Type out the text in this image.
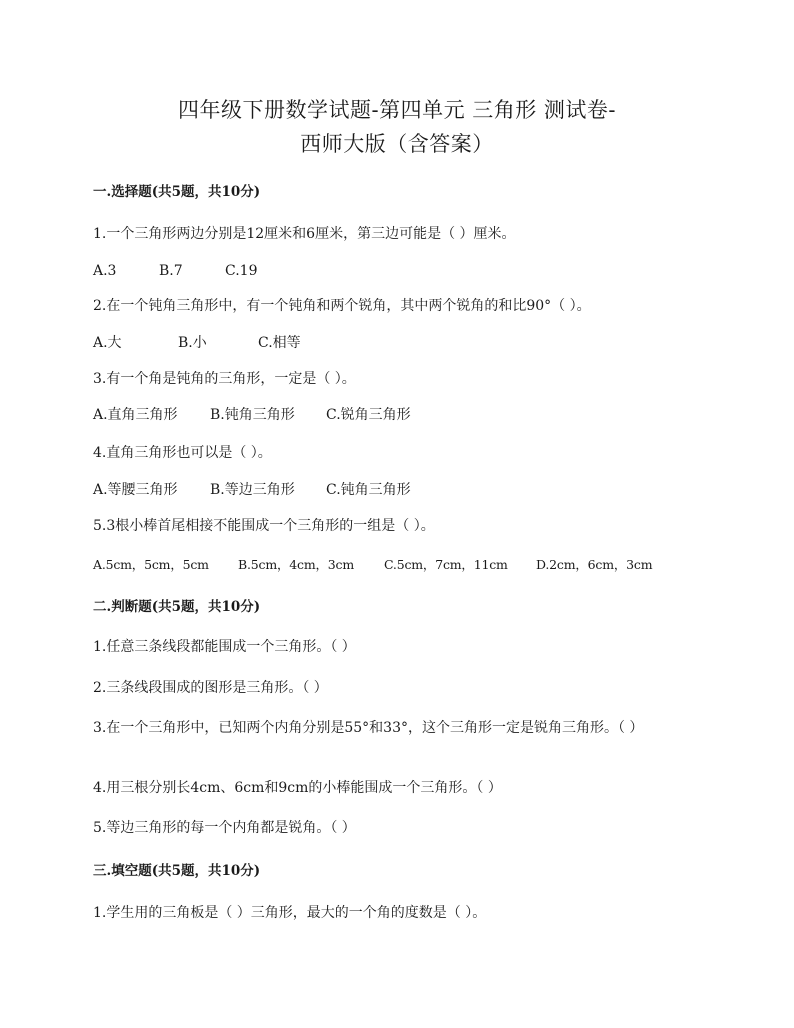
四年级下册数学试题-第四单元 三角形 测试卷-
西师大版（含答案）
一.选择题(共5题，共10分)
1.一个三角形两边分别是12厘米和6厘米，第三边可能是（ ）厘米。
A.3	B.7	C.19
2.在一个钝角三角形中，有一个钝角和两个锐角，其中两个锐角的和比90°（ ）。
A.大	B.小	C.相等
3.有一个角是钝角的三角形，一定是（ ）。
A.直角三角形 B.钝角三角形 C.锐角三角形
4.直角三角形也可以是（ ）。
A.等腰三角形 B.等边三角形 C.钝角三角形
5.3根小棒首尾相接不能围成一个三角形的一组是（ ）。
A.5cm，5cm，5cm B.5cm，4cm，3cm C.5cm，7cm，11cm D.2cm，6cm，3cm
二.判断题(共5题，共10分)
1.任意三条线段都能围成一个三角形。（ ）
2.三条线段围成的图形是三角形。（ ）
3.在一个三角形中，已知两个内角分别是55°和33°，这个三角形一定是锐角三角形。（ ）
4.用三根分别长4cm、6cm和9cm的小棒能围成一个三角形。（ ）
5.等边三角形的每一个内角都是锐角。（ ）
三.填空题(共5题，共10分)
1.学生用的三角板是（ ）三角形，最大的一个角的度数是（ ）。
